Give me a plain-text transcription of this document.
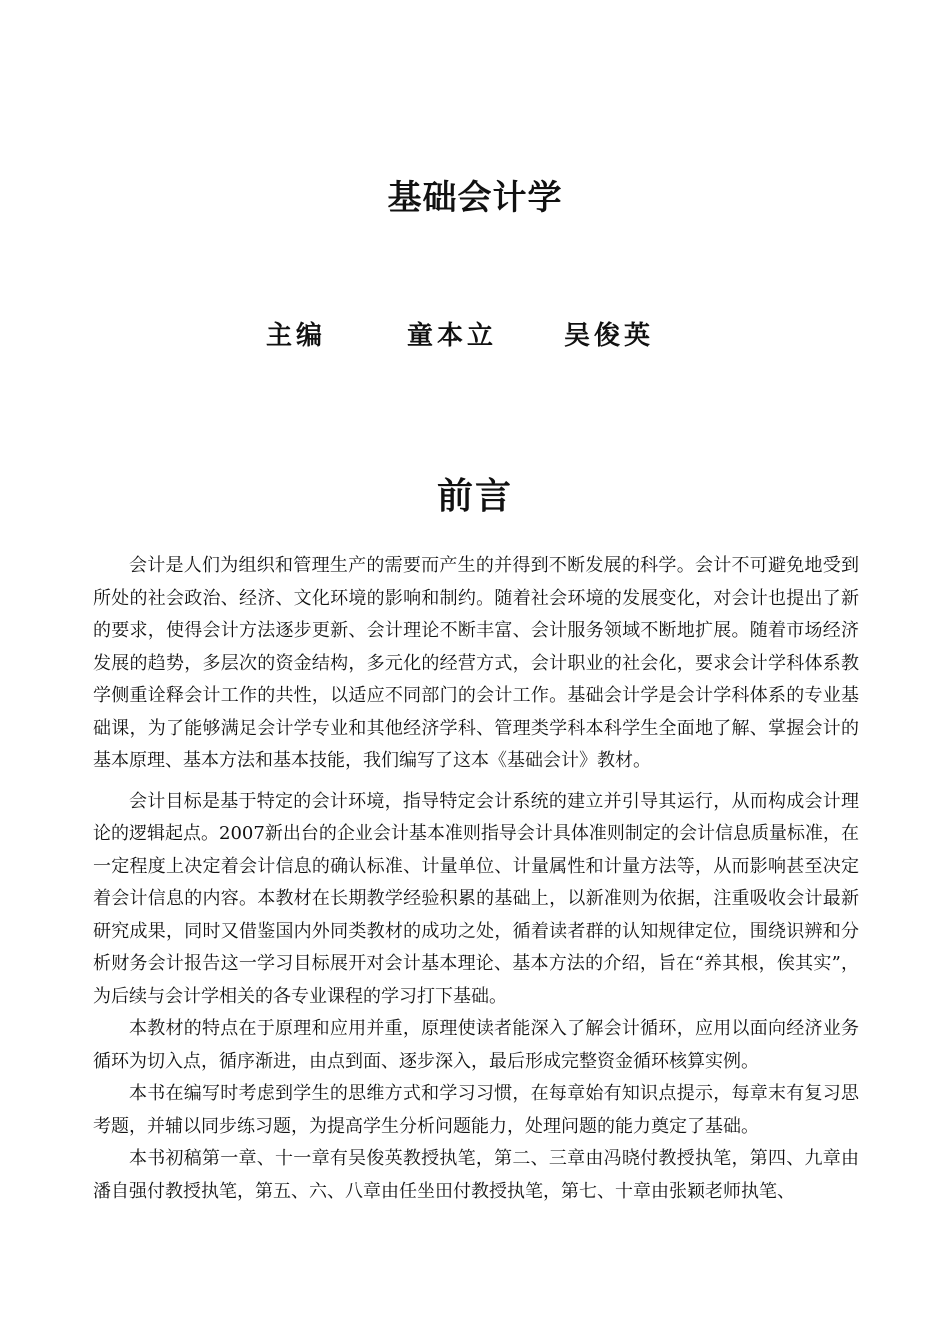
基础会计学
主编	童本立	吴俊英
前言

会计是人们为组织和管理生产的需要而产生的并得到不断发展的科学。会计不可避免地受到所处的社会政治、经济、文化环境的影响和制约。随着社会环境的发展变化，对会计也提出了新的要求，使得会计方法逐步更新、会计理论不断丰富、会计服务领域不断地扩展。随着市场经济发展的趋势，多层次的资金结构，多元化的经营方式，会计职业的社会化，要求会计学科体系教学侧重诠释会计工作的共性，以适应不同部门的会计工作。基础会计学是会计学科体系的专业基础课，为了能够满足会计学专业和其他经济学科、管理类学科本科学生全面地了解、掌握会计的基本原理、基本方法和基本技能，我们编写了这本《基础会计》教材。

会计目标是基于特定的会计环境，指导特定会计系统的建立并引导其运行，从而构成会计理论的逻辑起点。2007新出台的企业会计基本准则指导会计具体准则制定的会计信息质量标准，在一定程度上决定着会计信息的确认标准、计量单位、计量属性和计量方法等，从而影响甚至决定着会计信息的内容。本教材在长期教学经验积累的基础上，以新准则为依据，注重吸收会计最新研究成果，同时又借鉴国内外同类教材的成功之处，循着读者群的认知规律定位，围绕识辨和分析财务会计报告这一学习目标展开对会计基本理论、基本方法的介绍，旨在“养其根，俟其实”，为后续与会计学相关的各专业课程的学习打下基础。

本教材的特点在于原理和应用并重，原理使读者能深入了解会计循环，应用以面向经济业务循环为切入点，循序渐进，由点到面、逐步深入，最后形成完整资金循环核算实例。

本书在编写时考虑到学生的思维方式和学习习惯，在每章始有知识点提示，每章末有复习思考题，并辅以同步练习题，为提高学生分析问题能力，处理问题的能力奠定了基础。

本书初稿第一章、十一章有吴俊英教授执笔，第二、三章由冯晓付教授执笔，第四、九章由潘自强付教授执笔，第五、六、八章由任坐田付教授执笔，第七、十章由张颖老师执笔、
